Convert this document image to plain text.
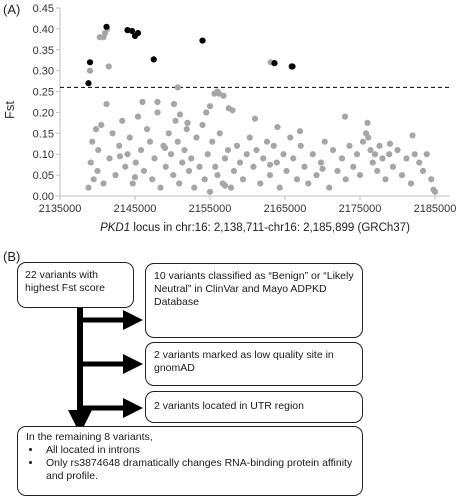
(A)
0.00
0.05
0.10
0.15
0.20
0.25
0.30
0.35
0.40
0.45
2135000	2145000	2155000	2165000	2175000	2185000
Fst
PKD1 locus in chr:16: 2,138,711-chr16: 2,185,899 (GRCh37)
(B)
22 variants with highest Fst score
10 variants classified as “Benign” or “Likely Neutral” in ClinVar and Mayo ADPKD Database
2 variants marked as low quality site in gnomAD
2 variants located in UTR region
In the remaining 8 variants,
• All located in introns
• Only rs3874648 dramatically changes RNA-binding protein affinity and profile.
